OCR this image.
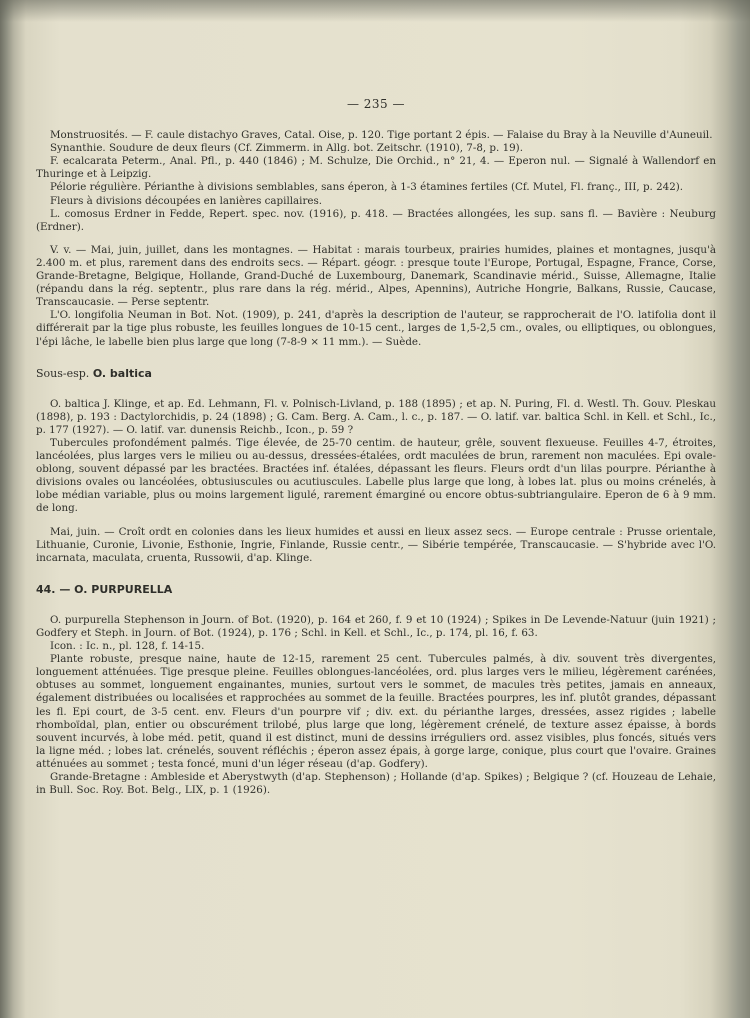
— 235 —

Monstruosités. — F. caule distachyo Graves, Catal. Oise, p. 120. Tige portant 2 épis. — Falaise du Bray à la Neuville d'Auneuil.

Synanthie. Soudure de deux fleurs (Cf. Zimmerm. in Allg. bot. Zeitschr. (1910), 7-8, p. 19).

F. ecalcarata Peterm., Anal. Pfl., p. 440 (1846) ; M. Schulze, Die Orchid., n° 21, 4. — Eperon nul. — Signalé à Wallendorf en Thuringe et à Leipzig.

Pélorie régulière. Périanthe à divisions semblables, sans éperon, à 1-3 étamines fertiles (Cf. Mutel, Fl. franç., III, p. 242).

Fleurs à divisions découpées en lanières capillaires.

L. comosus Erdner in Fedde, Repert. spec. nov. (1916), p. 418. — Bractées allongées, les sup. sans fl. — Bavière : Neuburg (Erdner).

V. v. — Mai, juin, juillet, dans les montagnes. — Habitat : marais tourbeux, prairies humides, plaines et montagnes, jusqu'à 2.400 m. et plus, rarement dans des endroits secs. — Répart. géogr. : presque toute l'Europe, Portugal, Espagne, France, Corse, Grande-Bretagne, Belgique, Hollande, Grand-Duché de Luxembourg, Danemark, Scandinavie mérid., Suisse, Allemagne, Italie (répandu dans la rég. septentr., plus rare dans la rég. mérid., Alpes, Apennins), Autriche Hongrie, Balkans, Russie, Caucase, Transcaucasie. — Perse septentr.

L'O. longifolia Neuman in Bot. Not. (1909), p. 241, d'après la description de l'auteur, se rapprocherait de l'O. latifolia dont il différerait par la tige plus robuste, les feuilles longues de 10-15 cent., larges de 1,5-2,5 cm., ovales, ou elliptiques, ou oblongues, l'épi lâche, le labelle bien plus large que long (7-8-9 × 11 mm.). — Suède.

Sous-esp. O. baltica

O. baltica J. Klinge, et ap. Ed. Lehmann, Fl. v. Polnisch-Livland, p. 188 (1895) ; et ap. N. Puring, Fl. d. Westl. Th. Gouv. Pleskau (1898), p. 193 : Dactylorchidis, p. 24 (1898) ; G. Cam. Berg. A. Cam., l. c., p. 187. — O. latif. var. baltica Schl. in Kell. et Schl., Ic., p. 177 (1927). — O. latif. var. dunensis Reichb., Icon., p. 59 ?

Tubercules profondément palmés. Tige élevée, de 25-70 centim. de hauteur, grêle, souvent flexueuse. Feuilles 4-7, étroites, lancéolées, plus larges vers le milieu ou au-dessus, dressées-étalées, ordt maculées de brun, rarement non maculées. Epi ovale-oblong, souvent dépassé par les bractées. Bractées inf. étalées, dépassant les fleurs. Fleurs ordt d'un lilas pourpre. Périanthe à divisions ovales ou lancéolées, obtusiuscules ou acutiuscules. Labelle plus large que long, à lobes lat. plus ou moins crénelés, à lobe médian variable, plus ou moins largement ligulé, rarement émarginé ou encore obtus-subtriangulaire. Eperon de 6 à 9 mm. de long.

Mai, juin. — Croît ordt en colonies dans les lieux humides et aussi en lieux assez secs. — Europe centrale : Prusse orientale, Lithuanie, Curonie, Livonie, Esthonie, Ingrie, Finlande, Russie centr., — Sibérie tempérée, Transcaucasie. — S'hybride avec l'O. incarnata, maculata, cruenta, Russowii, d'ap. Klinge.

44. — O. PURPURELLA

O. purpurella Stephenson in Journ. of Bot. (1920), p. 164 et 260, f. 9 et 10 (1924) ; Spikes in De Levende-Natuur (juin 1921) ; Godfery et Steph. in Journ. of Bot. (1924), p. 176 ; Schl. in Kell. et Schl., Ic., p. 174, pl. 16, f. 63.

Icon. : Ic. n., pl. 128, f. 14-15.

Plante robuste, presque naine, haute de 12-15, rarement 25 cent. Tubercules palmés, à div. souvent très divergentes, longuement atténuées. Tige presque pleine. Feuilles oblongues-lancéolées, ord. plus larges vers le milieu, légèrement carénées, obtuses au sommet, longuement engainantes, munies, surtout vers le sommet, de macules très petites, jamais en anneaux, également distribuées ou localisées et rapprochées au sommet de la feuille. Bractées pourpres, les inf. plutôt grandes, dépassant les fl. Epi court, de 3-5 cent. env. Fleurs d'un pourpre vif ; div. ext. du périanthe larges, dressées, assez rigides ; labelle rhomboïdal, plan, entier ou obscurément trilobé, plus large que long, légèrement crénelé, de texture assez épaisse, à bords souvent incurvés, à lobe méd. petit, quand il est distinct, muni de dessins irréguliers ord. assez visibles, plus foncés, situés vers la ligne méd. ; lobes lat. crénelés, souvent réfléchis ; éperon assez épais, à gorge large, conique, plus court que l'ovaire. Graines atténuées au sommet ; testa foncé, muni d'un léger réseau (d'ap. Godfery).

Grande-Bretagne : Ambleside et Aberystwyth (d'ap. Stephenson) ; Hollande (d'ap. Spikes) ; Belgique ? (cf. Houzeau de Lehaie, in Bull. Soc. Roy. Bot. Belg., LIX, p. 1 (1926).
